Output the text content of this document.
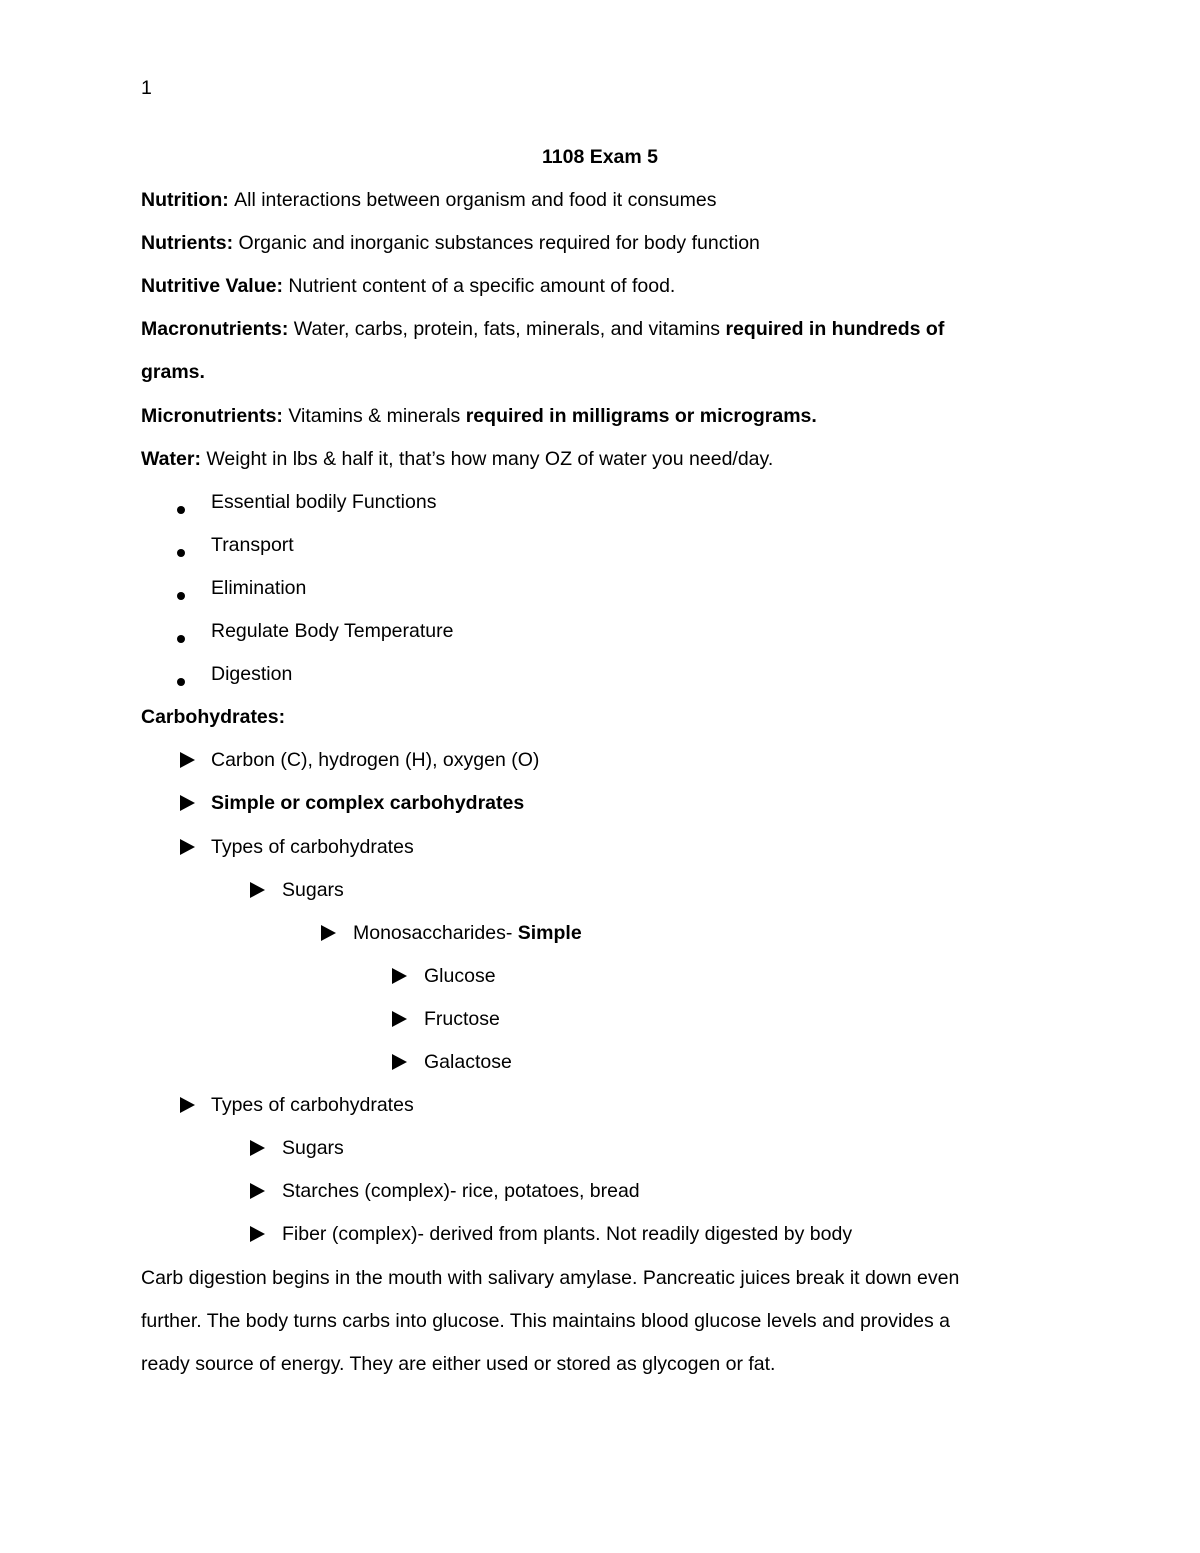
1
1108 Exam 5
Nutrition: All interactions between organism and food it consumes
Nutrients: Organic and inorganic substances required for body function
Nutritive Value: Nutrient content of a specific amount of food.
Macronutrients: Water, carbs, protein, fats, minerals, and vitamins required in hundreds of
grams.
Micronutrients: Vitamins & minerals required in milligrams or micrograms.
Water: Weight in lbs & half it, that’s how many OZ of water you need/day.
Essential bodily Functions
Transport
Elimination
Regulate Body Temperature
Digestion
Carbohydrates:
Carbon (C), hydrogen (H), oxygen (O)
Simple or complex carbohydrates
Types of carbohydrates
Sugars
Monosaccharides- Simple
Glucose
Fructose
Galactose
Types of carbohydrates
Sugars
Starches (complex)- rice, potatoes, bread
Fiber (complex)- derived from plants. Not readily digested by body
Carb digestion begins in the mouth with salivary amylase. Pancreatic juices break it down even
further. The body turns carbs into glucose. This maintains blood glucose levels and provides a
ready source of energy. They are either used or stored as glycogen or fat.
